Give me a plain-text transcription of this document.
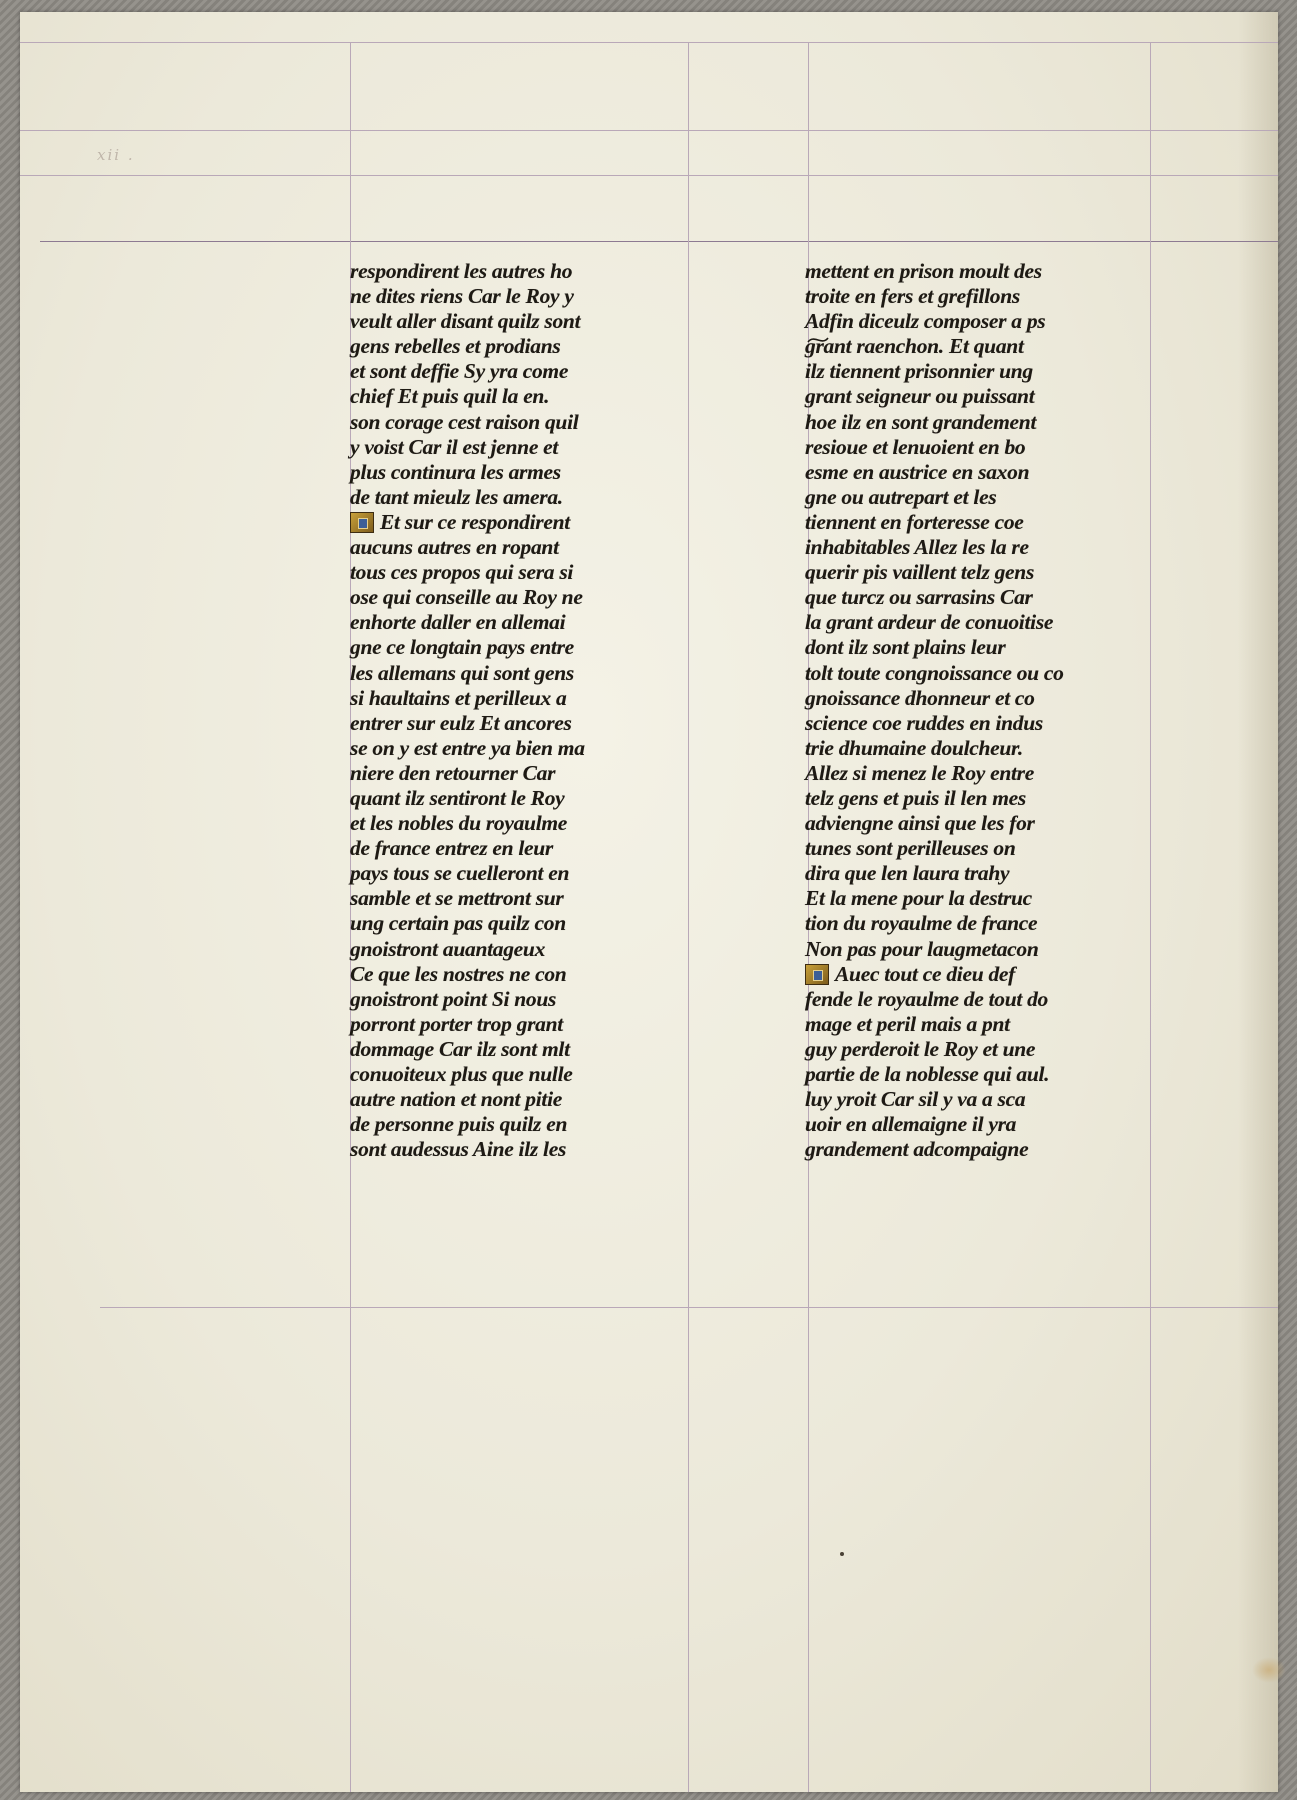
xii .
respondirent les autres ho
ne dites riens Car le Roy y
veult aller disant quilz sont
gens rebelles et prodians
et sont deffie Sy yra come
chief Et puis quil la en.
son corage cest raison quil
y voist Car il est jenne et
plus continura les armes
de tant mieulz les amera.
Et sur ce respondirent
aucuns autres en ropant
tous ces propos qui sera si
ose qui conseille au Roy ne
enhorte daller en allemai
gne ce longtain pays entre
les allemans qui sont gens
si haultains et perilleux a
entrer sur eulz Et ancores
se on y est entre ya bien ma
niere den retourner Car
quant ilz sentiront le Roy
et les nobles du royaulme
de france entrez en leur
pays tous se cuelleront en
samble et se mettront sur
ung certain pas quilz con
gnoistront auantageux
Ce que les nostres ne con
gnoistront point Si nous
porront porter trop grant
dommage Car ilz sont mlt
conuoiteux plus que nulle
autre nation et nont pitie
de personne puis quilz en
sont audessus Aine ilz les
mettent en prison moult des
troite en fers et grefillons
Adfin diceulz composer a ps
grant raenchon. Et quant
ilz tiennent prisonnier ung
grant seigneur ou puissant
hoe ilz en sont grandement
resioue et lenuoient en bo
esme en austrice en saxon
gne ou autrepart et les
tiennent en forteresse coe
inhabitables Allez les la re
querir pis vaillent telz gens
que turcz ou sarrasins Car
la grant ardeur de conuoitise
dont ilz sont plains leur
tolt toute congnoissance ou co
gnoissance dhonneur et co
science coe ruddes en indus
trie dhumaine doulcheur.
Allez si menez le Roy entre
telz gens et puis il len mes
adviengne ainsi que les for
tunes sont perilleuses on
dira que len laura trahy
Et la mene pour la destruc
tion du royaulme de france
Non pas pour laugmetacon
Auec tout ce dieu def
fende le royaulme de tout do
mage et peril mais a pnt
guy perderoit le Roy et une
partie de la noblesse qui aul.
luy yroit Car sil y va a sca
uoir en allemaigne il yra
grandement adcompaigne
